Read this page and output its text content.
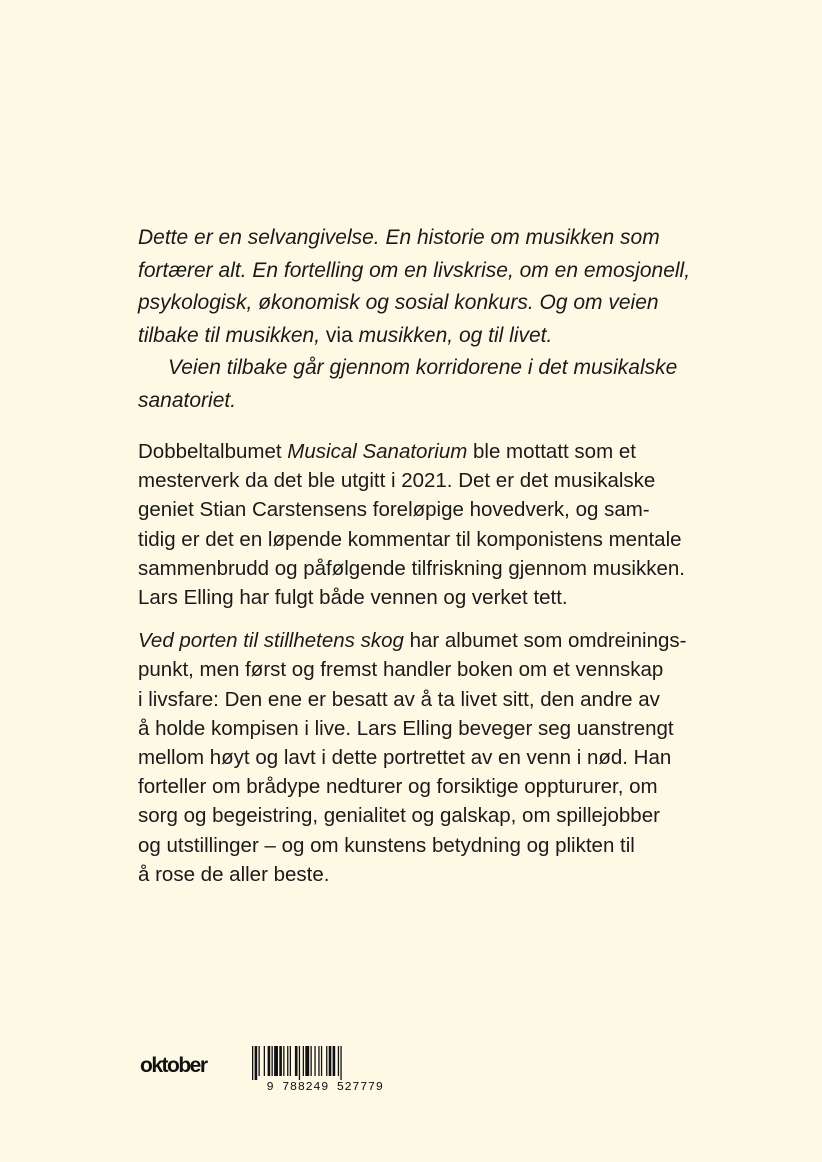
Dette er en selvangivelse. En historie om musikken som
fortærer alt. En fortelling om en livskrise, om en emosjonell,
psykologisk, økonomisk og sosial konkurs. Og om veien
tilbake til musikken, via musikken, og til livet.
Veien tilbake går gjennom korridorene i det musikalske
sanatoriet.
Dobbeltalbumet Musical Sanatorium ble mottatt som et
mesterverk da det ble utgitt i 2021. Det er det musikalske
geniet Stian Carstensens foreløpige hovedverk, og sam-
tidig er det en løpende kommentar til komponistens mentale
sammenbrudd og påfølgende tilfriskning gjennom musikken.
Lars Elling har fulgt både vennen og verket tett.
Ved porten til stillhetens skog har albumet som omdreinings-
punkt, men først og fremst handler boken om et vennskap
i livsfare: Den ene er besatt av å ta livet sitt, den andre av
å holde kompisen i live. Lars Elling beveger seg uanstrengt
mellom høyt og lavt i dette portrettet av en venn i nød. Han
forteller om brådype nedturer og forsiktige opptururer, om
sorg og begeistring, genialitet og galskap, om spillejobber
og utstillinger – og om kunstens betydning og plikten til
å rose de aller beste.
oktober
9 788249 527779
